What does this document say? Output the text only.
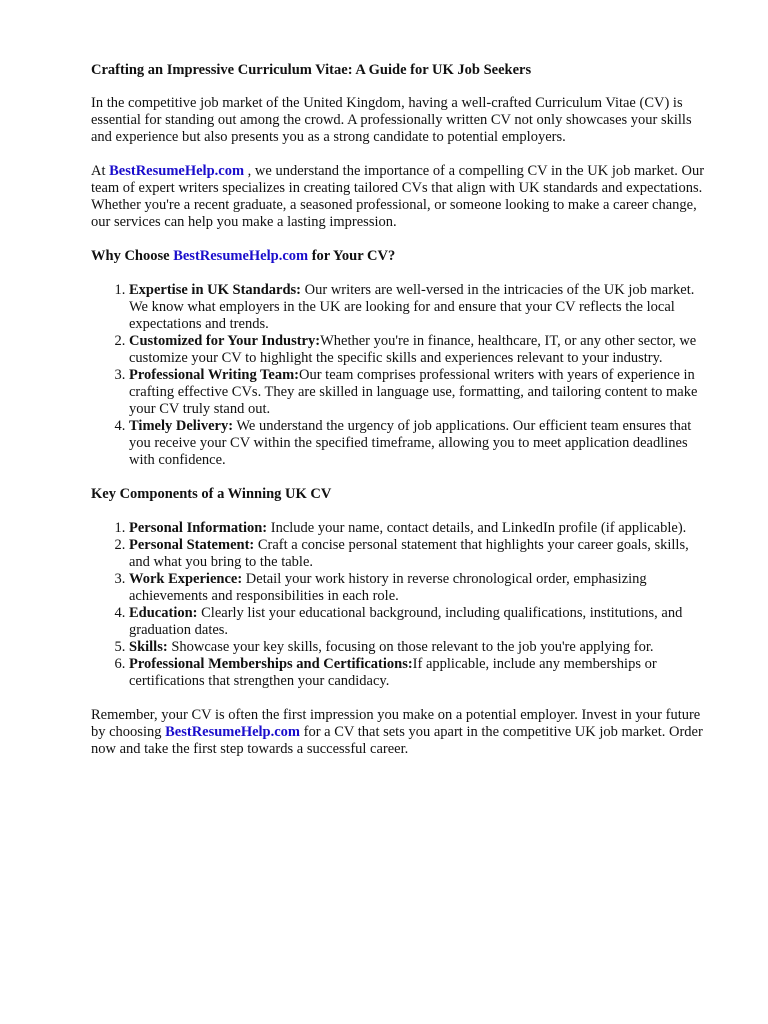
Crafting an Impressive Curriculum Vitae: A Guide for UK Job Seekers

In the competitive job market of the United Kingdom, having a well-crafted Curriculum Vitae (CV) is essential for standing out among the crowd. A professionally written CV not only showcases your skills and experience but also presents you as a strong candidate to potential employers.

At BestResumeHelp.com , we understand the importance of a compelling CV in the UK job market. Our team of expert writers specializes in creating tailored CVs that align with UK standards and expectations. Whether you're a recent graduate, a seasoned professional, or someone looking to make a career change, our services can help you make a lasting impression.

Why Choose BestResumeHelp.com for Your CV?
1. Expertise in UK Standards: Our writers are well-versed in the intricacies of the UK job market. We know what employers in the UK are looking for and ensure that your CV reflects the local expectations and trends.
2. Customized for Your Industry:Whether you're in finance, healthcare, IT, or any other sector, we customize your CV to highlight the specific skills and experiences relevant to your industry.
3. Professional Writing Team:Our team comprises professional writers with years of experience in crafting effective CVs. They are skilled in language use, formatting, and tailoring content to make your CV truly stand out.
4. Timely Delivery: We understand the urgency of job applications. Our efficient team ensures that you receive your CV within the specified timeframe, allowing you to meet application deadlines with confidence.
Key Components of a Winning UK CV
1. Personal Information: Include your name, contact details, and LinkedIn profile (if applicable).
2. Personal Statement: Craft a concise personal statement that highlights your career goals, skills, and what you bring to the table.
3. Work Experience: Detail your work history in reverse chronological order, emphasizing achievements and responsibilities in each role.
4. Education: Clearly list your educational background, including qualifications, institutions, and graduation dates.
5. Skills: Showcase your key skills, focusing on those relevant to the job you're applying for.
6. Professional Memberships and Certifications:If applicable, include any memberships or certifications that strengthen your candidacy.

Remember, your CV is often the first impression you make on a potential employer. Invest in your future by choosing BestResumeHelp.com for a CV that sets you apart in the competitive UK job market. Order now and take the first step towards a successful career.
